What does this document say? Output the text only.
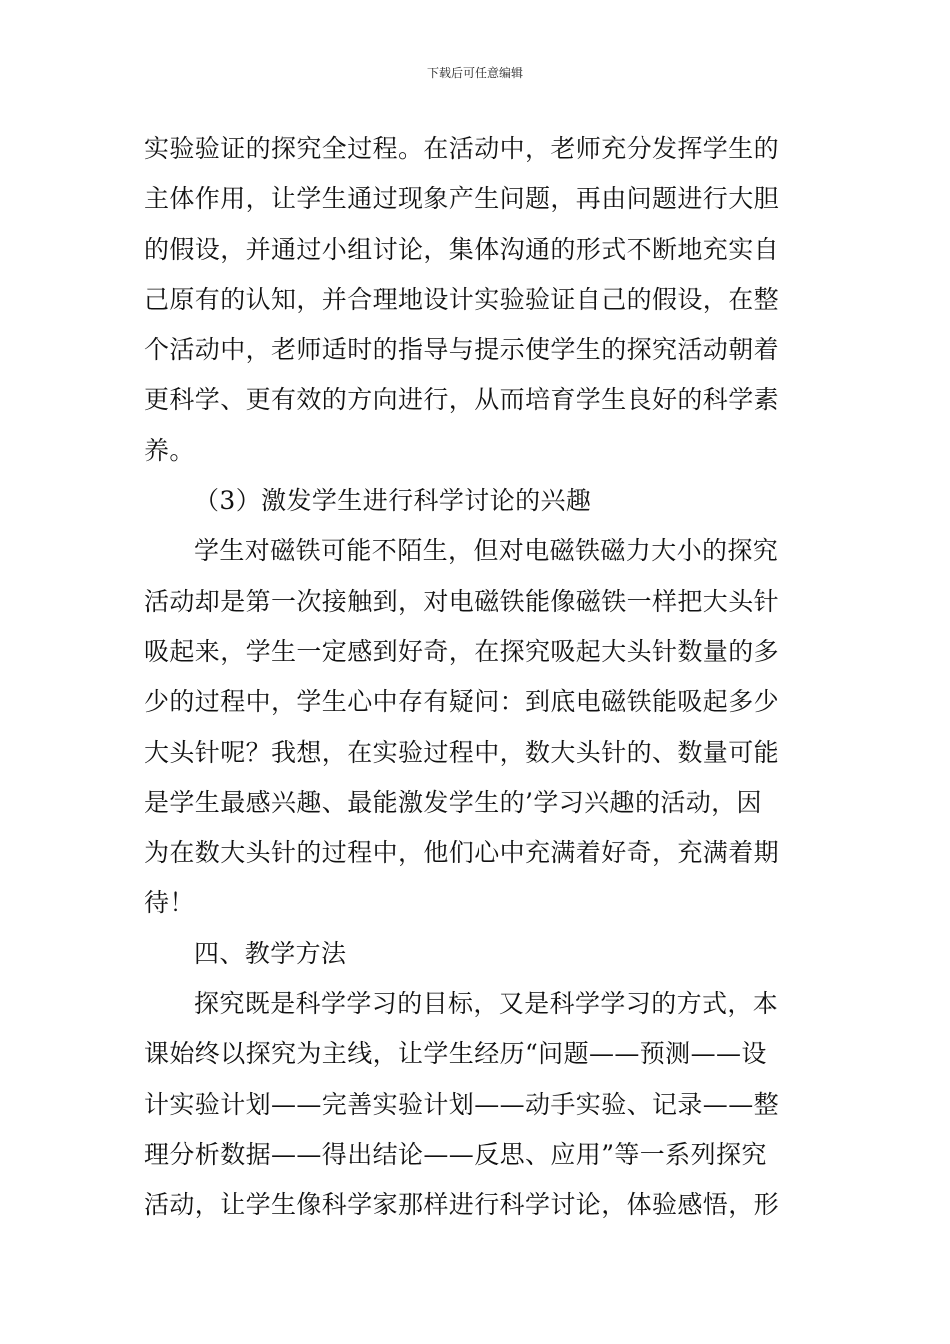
下载后可任意编辑
实验验证的探究全过程。在活动中，老师充分发挥学生的
主体作用，让学生通过现象产生问题，再由问题进行大胆
的假设，并通过小组讨论，集体沟通的形式不断地充实自
己原有的认知，并合理地设计实验验证自己的假设，在整
个活动中，老师适时的指导与提示使学生的探究活动朝着
更科学、更有效的方向进行，从而培育学生良好的科学素
养。
（3）激发学生进行科学讨论的兴趣
学生对磁铁可能不陌生，但对电磁铁磁力大小的探究
活动却是第一次接触到，对电磁铁能像磁铁一样把大头针
吸起来，学生一定感到好奇，在探究吸起大头针数量的多
少的过程中，学生心中存有疑问：到底电磁铁能吸起多少
大头针呢？我想，在实验过程中，数大头针的、数量可能
是学生最感兴趣、最能激发学生的’学习兴趣的活动，因
为在数大头针的过程中，他们心中充满着好奇，充满着期
待！
四、教学方法
探究既是科学学习的目标，又是科学学习的方式，本
课始终以探究为主线，让学生经历“问题——预测——设
计实验计划——完善实验计划——动手实验、记录——整
理分析数据——得出结论——反思、应用”等一系列探究
活动，让学生像科学家那样进行科学讨论，体验感悟，形
